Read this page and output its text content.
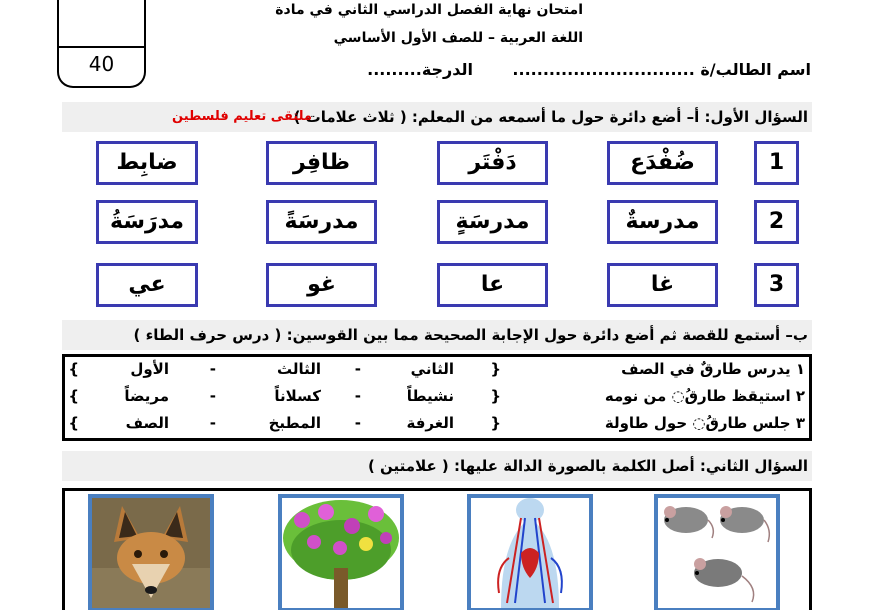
40
امتحان نهاية الفصل الدراسي الثاني في مادة
اللغة العربية – للصف الأول الأساسي
اسم الطالب/ة ..............................
الدرجة.........
السؤال الأول: أ– أضع دائرة حول ما أسمعه من المعلم: ( ثلاث علامات )
ملتقى تعليم فلسطين
1
ضُفْدَع
دَفْتَر
ظافِر
ضابِط
2
مدرسةٌ
مدرسَةٍ
مدرسَةً
مدرَسَةُ
3
غا
عا
غو
عي
ب– أستمع للقصة ثم أضع دائرة حول الإجابة الصحيحة مما بين القوسين: ( درس حرف الطاء )
١ يدرس طارقٌ في الصف
{
الثاني
-
الثالث
-
الأول
}
٢ استيقظ طارقُ◌ من نومه
{
نشيطاً
-
كسلاناً
-
مريضاً
}
٣ جلس طارقُ◌ حول طاولة
{
الغرفة
-
المطبخ
-
الصف
}
السؤال الثاني: أصل الكلمة بالصورة الدالة عليها: ( علامتين )
